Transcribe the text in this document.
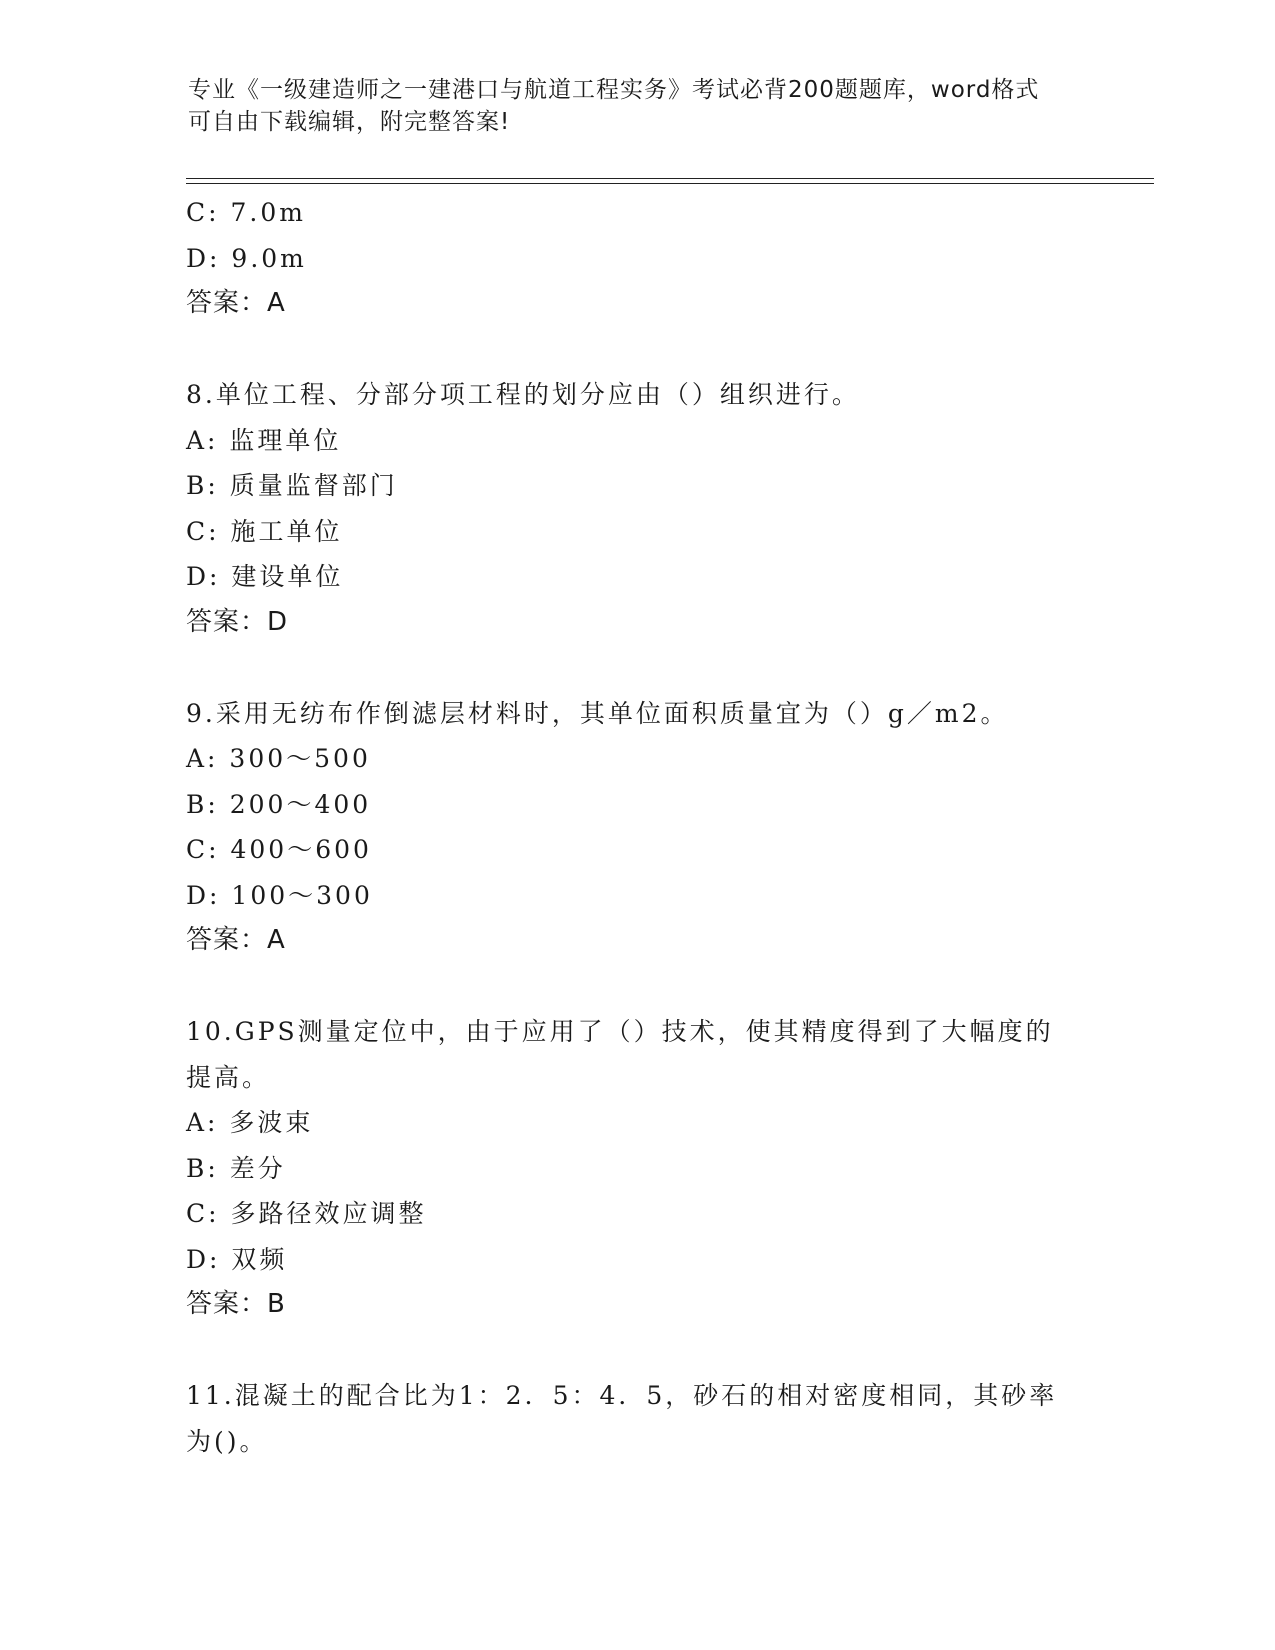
专业《一级建造师之一建港口与航道工程实务》考试必背200题题库，word格式
可自由下载编辑，附完整答案!
C: 7.0m
D: 9.0m
答案：A
8.单位工程、分部分项工程的划分应由（）组织进行。
A: 监理单位
B: 质量监督部门
C: 施工单位
D: 建设单位
答案：D
9.采用无纺布作倒滤层材料时，其单位面积质量宜为（）g／m2。
A: 300～500
B: 200～400
C: 400～600
D: 100～300
答案：A
10.GPS测量定位中，由于应用了（）技术，使其精度得到了大幅度的
提高。
A: 多波束
B: 差分
C: 多路径效应调整
D: 双频
答案：B
11.混凝土的配合比为1：2．5：4．5，砂石的相对密度相同，其砂率
为()。
